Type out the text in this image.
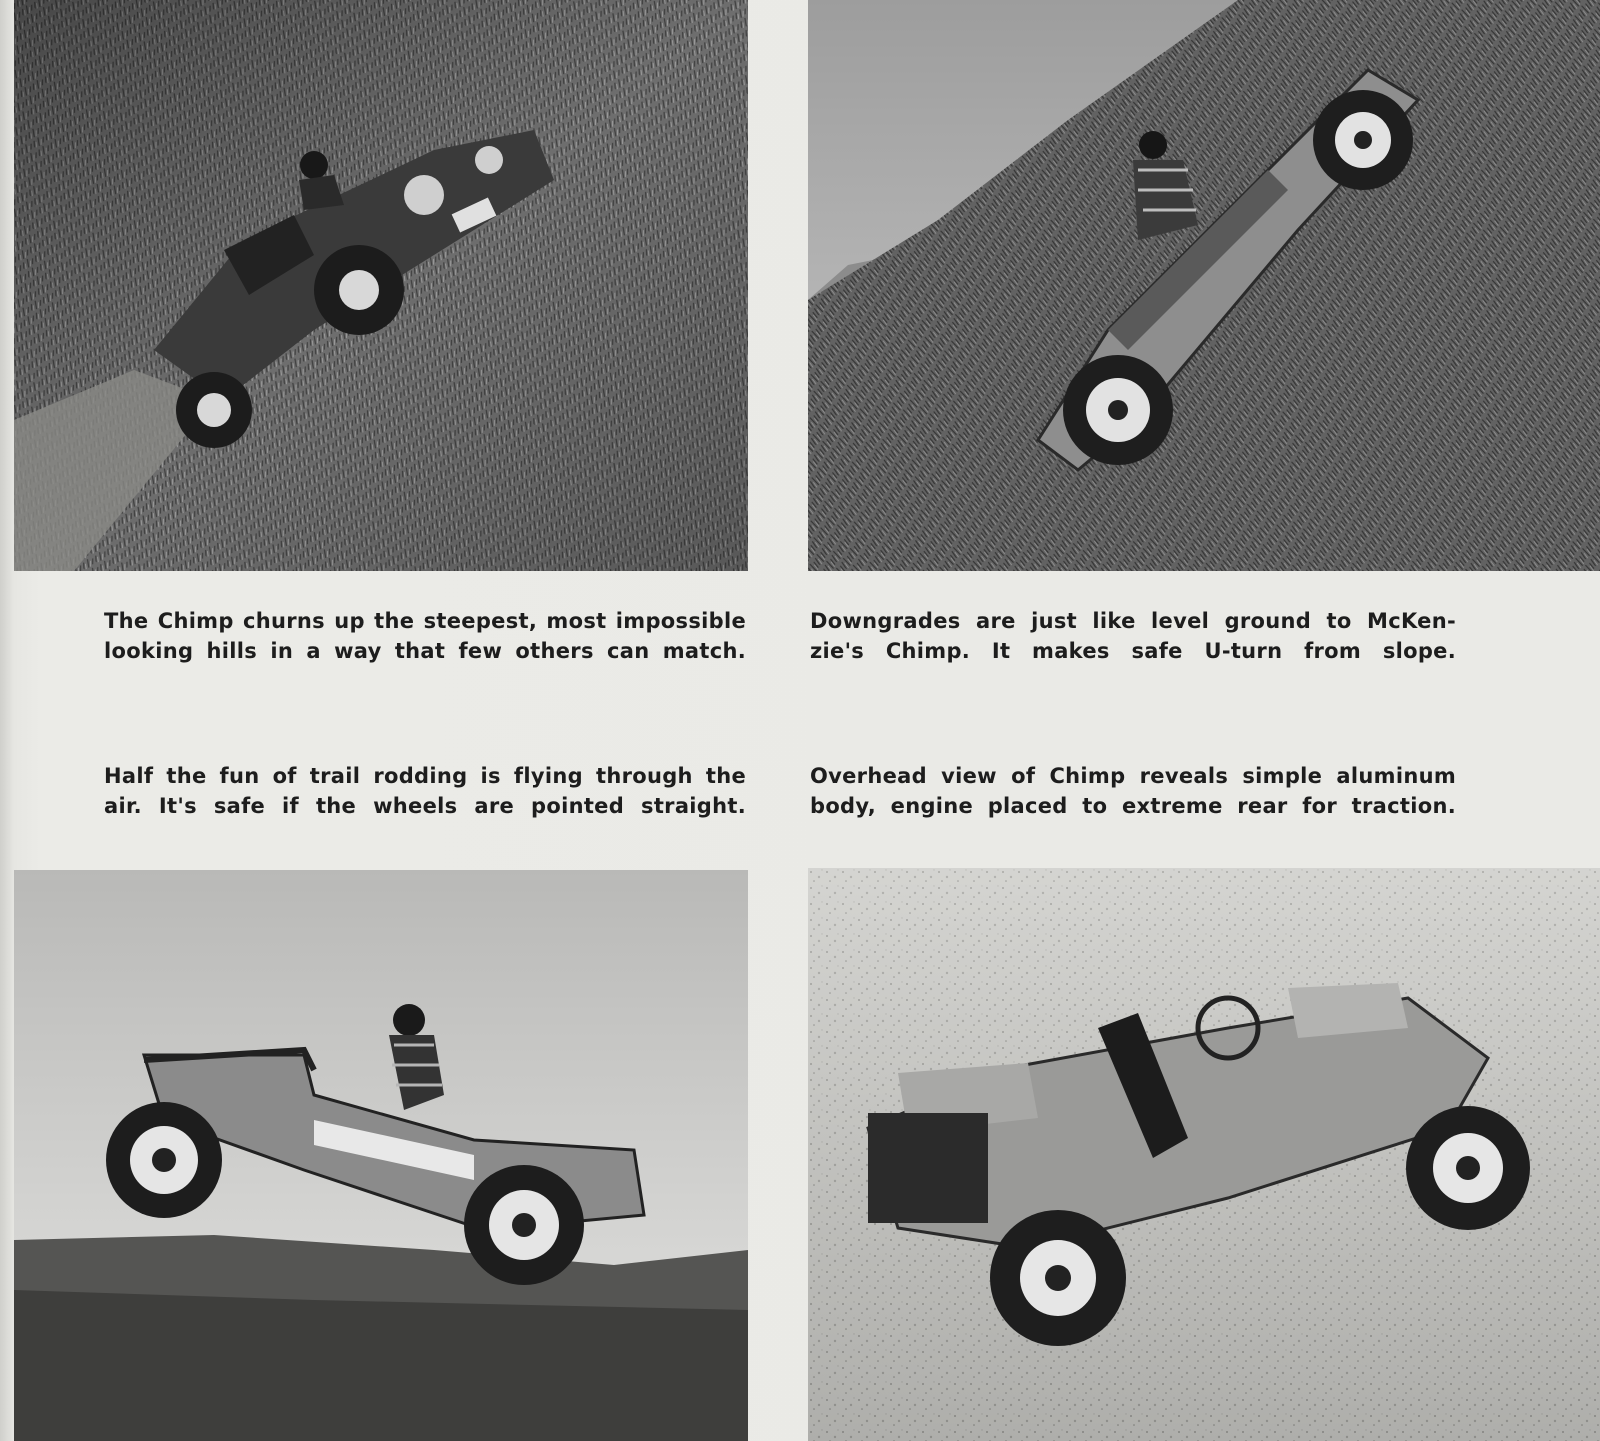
The Chimp churns up the steepest, most impossible
looking hills in a way that few others can match.
Downgrades are just like level ground to McKen-
zie's Chimp. It makes safe U-turn from slope.
Half the fun of trail rodding is flying through the
air. It's safe if the wheels are pointed straight.
Overhead view of Chimp reveals simple aluminum
body, engine placed to extreme rear for traction.
